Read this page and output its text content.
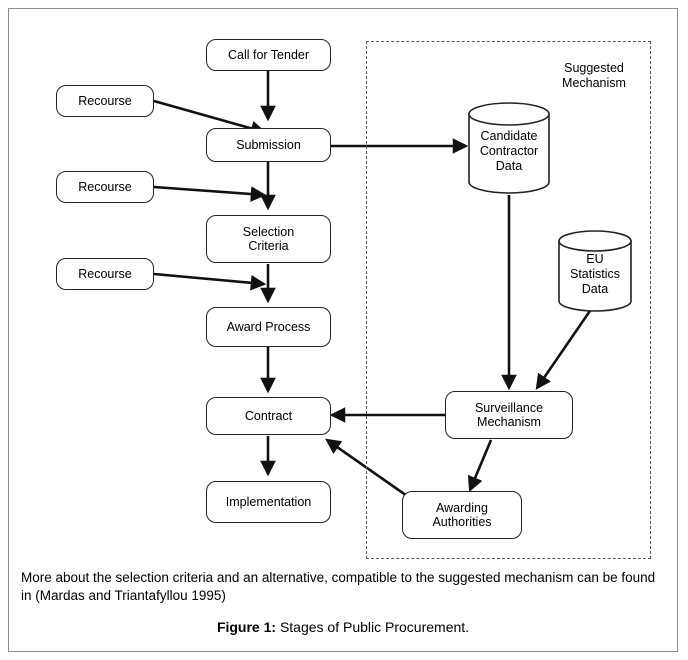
Suggested
Mechanism
Call for Tender
Recourse
Submission
Recourse
Selection
Criteria
Recourse
Award Process
Contract
Implementation
Surveillance
Mechanism
Awarding
Authorities
Candidate
Contractor
Data
EU
Statistics
Data
More about the selection criteria and an alternative, compatible to the suggested mechanism can be found in (Mardas and Triantafyllou 1995)
Figure 1: Stages of Public Procurement.
